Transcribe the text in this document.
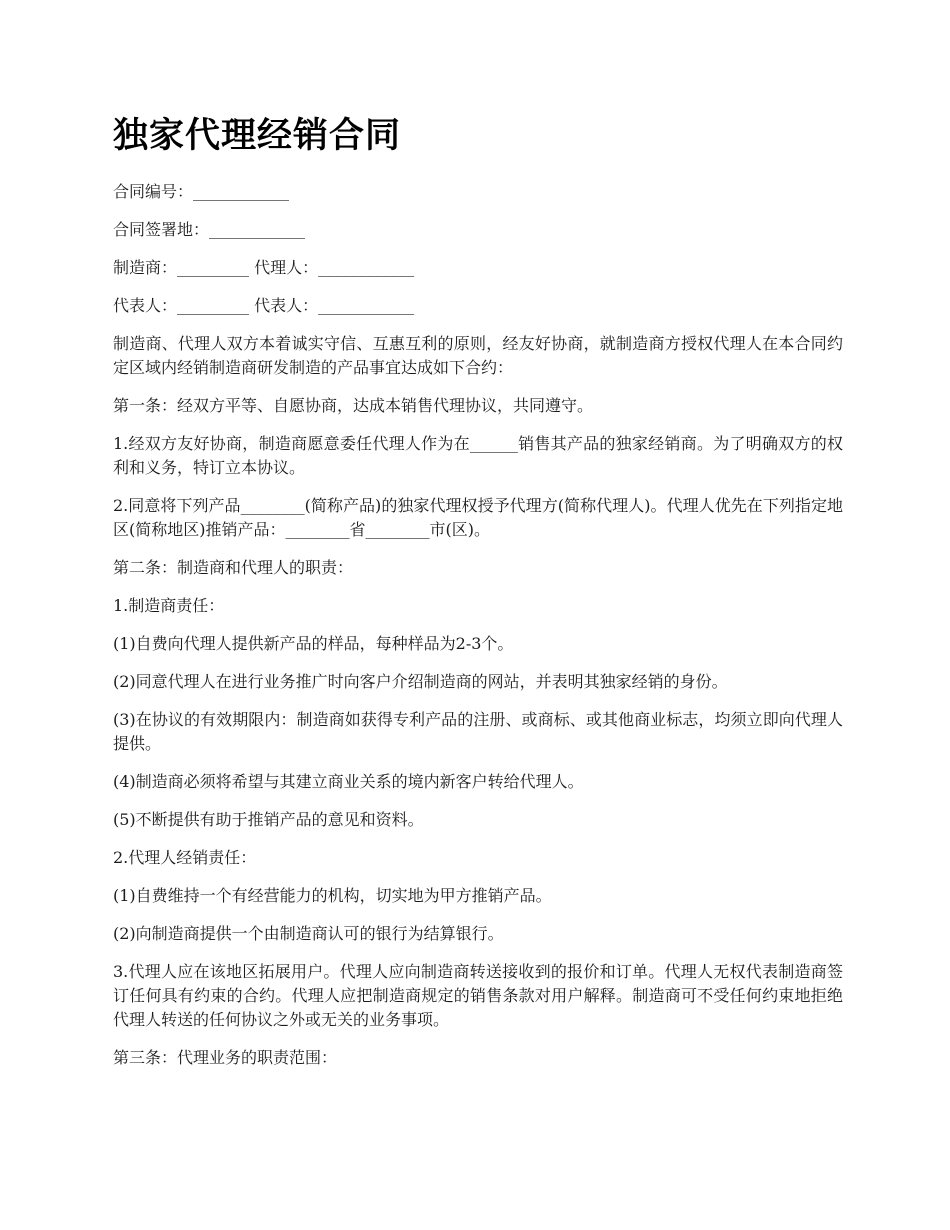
独家代理经销合同

合同编号：____________

合同签署地：____________

制造商：_________ 代理人：____________

代表人：_________ 代表人：____________

制造商、代理人双方本着诚实守信、互惠互利的原则，经友好协商，就制造商方授权代理人在本合同约定区域内经销制造商研发制造的产品事宜达成如下合约：

第一条：经双方平等、自愿协商，达成本销售代理协议，共同遵守。

1.经双方友好协商，制造商愿意委任代理人作为在______销售其产品的独家经销商。为了明确双方的权利和义务，特订立本协议。

2.同意将下列产品________(简称产品)的独家代理权授予代理方(简称代理人)。代理人优先在下列指定地区(简称地区)推销产品：________省________市(区)。

第二条：制造商和代理人的职责：

1.制造商责任：

(1)自费向代理人提供新产品的样品，每种样品为2-3个。

(2)同意代理人在进行业务推广时向客户介绍制造商的网站，并表明其独家经销的身份。

(3)在协议的有效期限内：制造商如获得专利产品的注册、或商标、或其他商业标志，均须立即向代理人提供。

(4)制造商必须将希望与其建立商业关系的境内新客户转给代理人。

(5)不断提供有助于推销产品的意见和资料。

2.代理人经销责任：

(1)自费维持一个有经营能力的机构，切实地为甲方推销产品。

(2)向制造商提供一个由制造商认可的银行为结算银行。

3.代理人应在该地区拓展用户。代理人应向制造商转送接收到的报价和订单。代理人无权代表制造商签订任何具有约束的合约。代理人应把制造商规定的销售条款对用户解释。制造商可不受任何约束地拒绝代理人转送的任何协议之外或无关的业务事项。

第三条：代理业务的职责范围：
